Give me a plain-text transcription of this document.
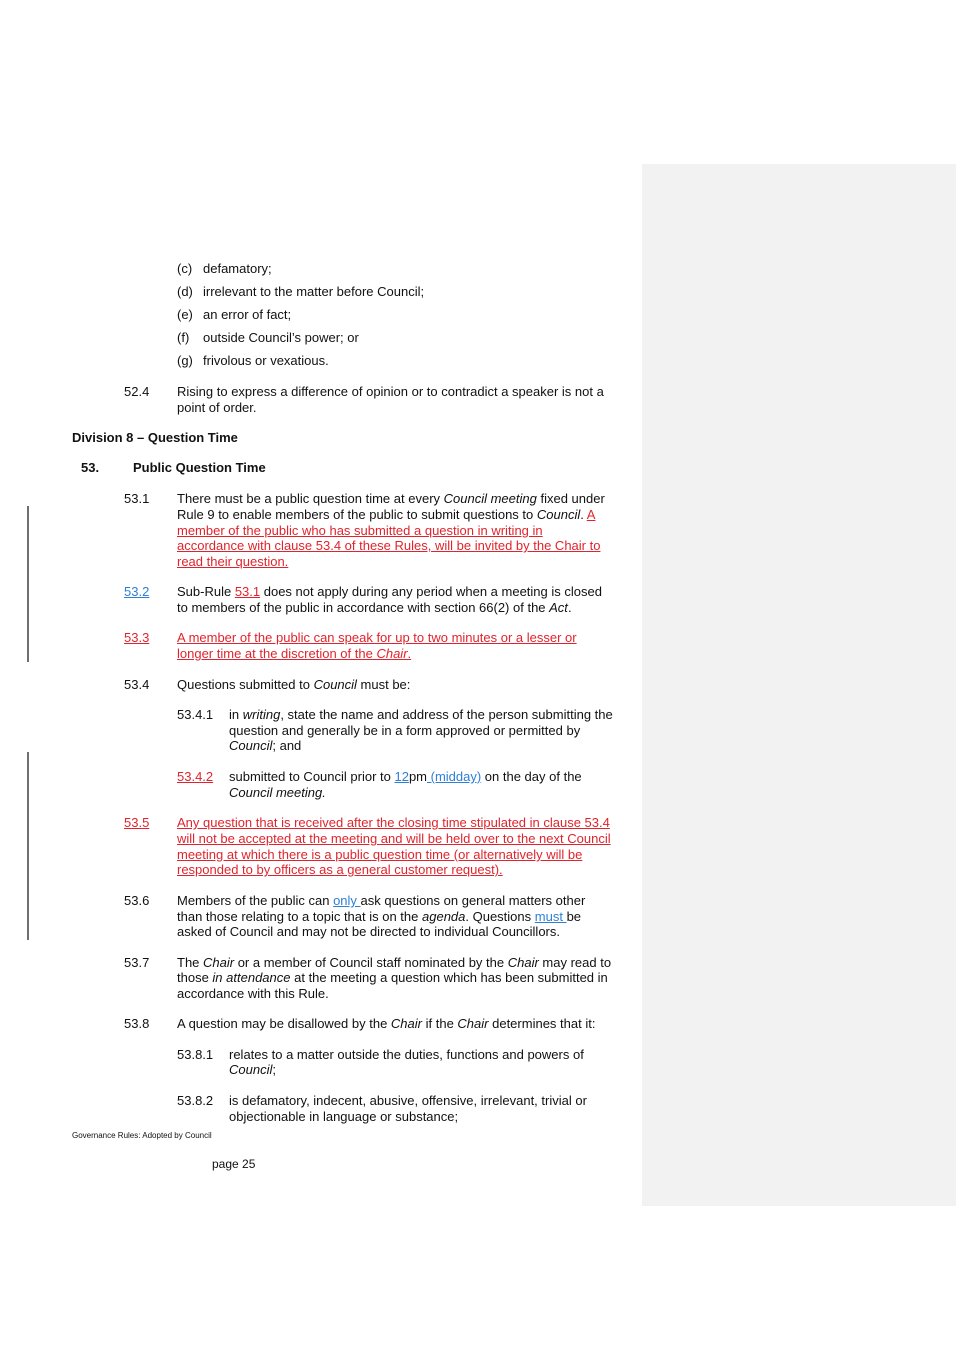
(c) defamatory;
(d) irrelevant to the matter before Council;
(e) an error of fact;
(f) outside Council’s power; or
(g) frivolous or vexatious.
52.4 Rising to express a difference of opinion or to contradict a speaker is not a
point of order.
Division 8 – Question Time
53.	Public Question Time
53.1 There must be a public question time at every Council meeting fixed under
Rule 9 to enable members of the public to submit questions to Council. A
member of the public who has submitted a question in writing in
accordance with clause 53.4 of these Rules, will be invited by the Chair to
read their question.
53.2	Sub-Rule 53.1 does not apply during any period when a meeting is closed
to members of the public in accordance with section 66(2) of the Act.
53.3	A member of the public can speak for up to two minutes or a lesser or
longer time at the discretion of the Chair.
53.4 Questions submitted to Council must be:
53.4.1 in writing, state the name and address of the person submitting the
question and generally be in a form approved or permitted by
Council; and
53.4.2	submitted to Council prior to 12pm (midday) on the day of the
Council meeting.
53.5	Any question that is received after the closing time stipulated in clause 53.4
will not be accepted at the meeting and will be held over to the next Council
meeting at which there is a public question time (or alternatively will be
responded to by officers as a general customer request).
53.6 Members of the public can only ask questions on general matters other
than those relating to a topic that is on the agenda. Questions must be
asked of Council and may not be directed to individual Councillors.
53.7 The Chair or a member of Council staff nominated by the Chair may read to
those in attendance at the meeting a question which has been submitted in
accordance with this Rule.
53.8 A question may be disallowed by the Chair if the Chair determines that it:
53.8.1 relates to a matter outside the duties, functions and powers of
Council;
53.8.2 is defamatory, indecent, abusive, offensive, irrelevant, trivial or
objectionable in language or substance;
Governance Rules: Adopted by Council
page 25
